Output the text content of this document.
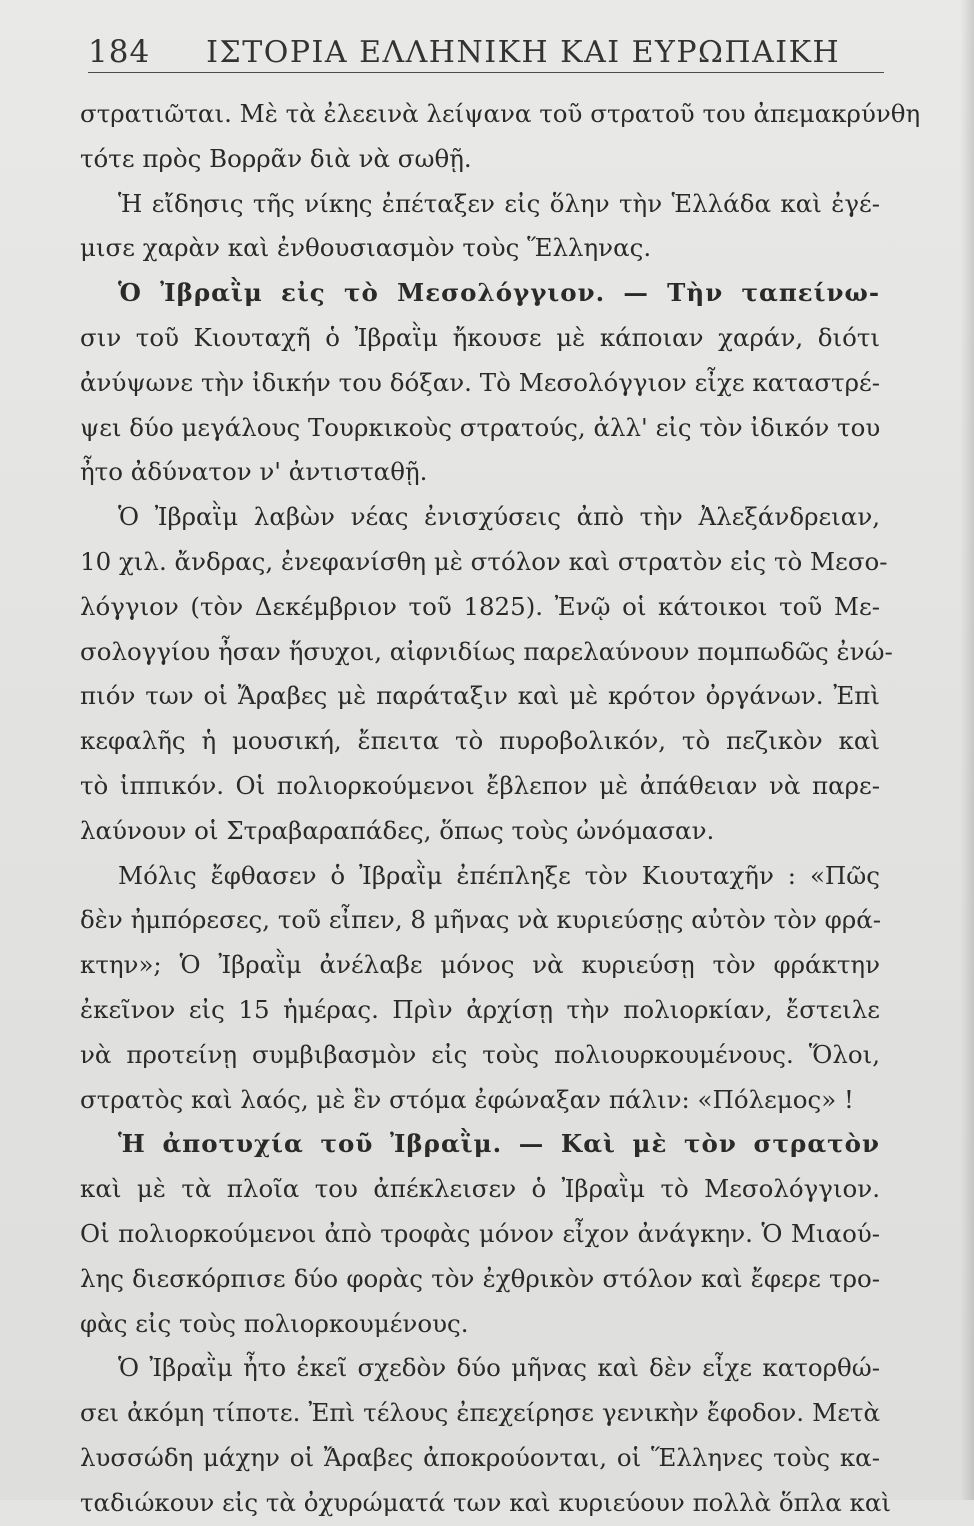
184 ΙΣΤΟΡΙΑ ΕΛΛΗΝΙΚΗ ΚΑΙ ΕΥΡΩΠΑΙΚΗ
στρατιῶται. Μὲ τὰ ἐλεεινὰ λείψανα τοῦ στρατοῦ του ἀπεμακρύνθη
τότε πρὸς Βορρᾶν διὰ νὰ σωθῇ.
Ἡ εἴδησις τῆς νίκης ἐπέταξεν εἰς ὅλην τὴν Ἑλλάδα καὶ ἐγέ-
μισε χαρὰν καὶ ἐνθουσιασμὸν τοὺς Ἕλληνας.
Ὁ Ἰβραῒμ εἰς τὸ Μεσολόγγιον. — Τὴν ταπείνω-
σιν τοῦ Κιουταχῆ ὁ Ἰβραῒμ ἤκουσε μὲ κάποιαν χαράν, διότι
ἀνύψωνε τὴν ἰδικήν του δόξαν. Τὸ Μεσολόγγιον εἶχε καταστρέ-
ψει δύο μεγάλους Τουρκικοὺς στρατούς, ἀλλ' εἰς τὸν ἰδικόν του
ἦτο ἀδύνατον ν' ἀντισταθῇ.
Ὁ Ἰβραῒμ λαβὼν νέας ἐνισχύσεις ἀπὸ τὴν Ἀλεξάνδρειαν,
10 χιλ. ἄνδρας, ἐνεφανίσθη μὲ στόλον καὶ στρατὸν εἰς τὸ Μεσο-
λόγγιον (τὸν Δεκέμβριον τοῦ 1825). Ἐνῷ οἱ κάτοικοι τοῦ Με-
σολογγίου ἦσαν ἥσυχοι, αἰφνιδίως παρελαύνουν πομπωδῶς ἐνώ-
πιόν των οἱ Ἄραβες μὲ παράταξιν καὶ μὲ κρότον ὀργάνων. Ἐπὶ
κεφαλῆς ἡ μουσική, ἔπειτα τὸ πυροβολικόν, τὸ πεζικὸν καὶ
τὸ ἱππικόν. Οἱ πολιορκούμενοι ἔβλεπον μὲ ἀπάθειαν νὰ παρε-
λαύνουν οἱ Στραβαραπάδες, ὅπως τοὺς ὠνόμασαν.
Μόλις ἔφθασεν ὁ Ἰβραῒμ ἐπέπληξε τὸν Κιουταχῆν : «Πῶς
δὲν ἠμπόρεσες, τοῦ εἶπεν, 8 μῆνας νὰ κυριεύσῃς αὐτὸν τὸν φρά-
κτην»; Ὁ Ἰβραῒμ ἀνέλαβε μόνος νὰ κυριεύσῃ τὸν φράκτην
ἐκεῖνον εἰς 15 ἡμέρας. Πρὶν ἀρχίσῃ τὴν πολιορκίαν, ἔστειλε
νὰ προτείνῃ συμβιβασμὸν εἰς τοὺς πολιουρκουμένους. Ὅλοι,
στρατὸς καὶ λαός, μὲ ἓν στόμα ἐφώναξαν πάλιν: «Πόλεμος» !
Ἡ ἀποτυχία τοῦ Ἰβραῒμ. — Καὶ μὲ τὸν στρατὸν
καὶ μὲ τὰ πλοῖα του ἀπέκλεισεν ὁ Ἰβραῒμ τὸ Μεσολόγγιον.
Οἱ πολιορκούμενοι ἀπὸ τροφὰς μόνον εἶχον ἀνάγκην. Ὁ Μιαού-
λης διεσκόρπισε δύο φορὰς τὸν ἐχθρικὸν στόλον καὶ ἔφερε τρο-
φὰς εἰς τοὺς πολιορκουμένους.
Ὁ Ἰβραῒμ ἦτο ἐκεῖ σχεδὸν δύο μῆνας καὶ δὲν εἶχε κατορθώ-
σει ἀκόμη τίποτε. Ἐπὶ τέλους ἐπεχείρησε γενικὴν ἔφοδον. Μετὰ
λυσσώδη μάχην οἱ Ἄραβες ἀποκρούονται, οἱ Ἕλληνες τοὺς κα-
ταδιώκουν εἰς τὰ ὀχυρώματά των καὶ κυριεύουν πολλὰ ὅπλα καὶ
